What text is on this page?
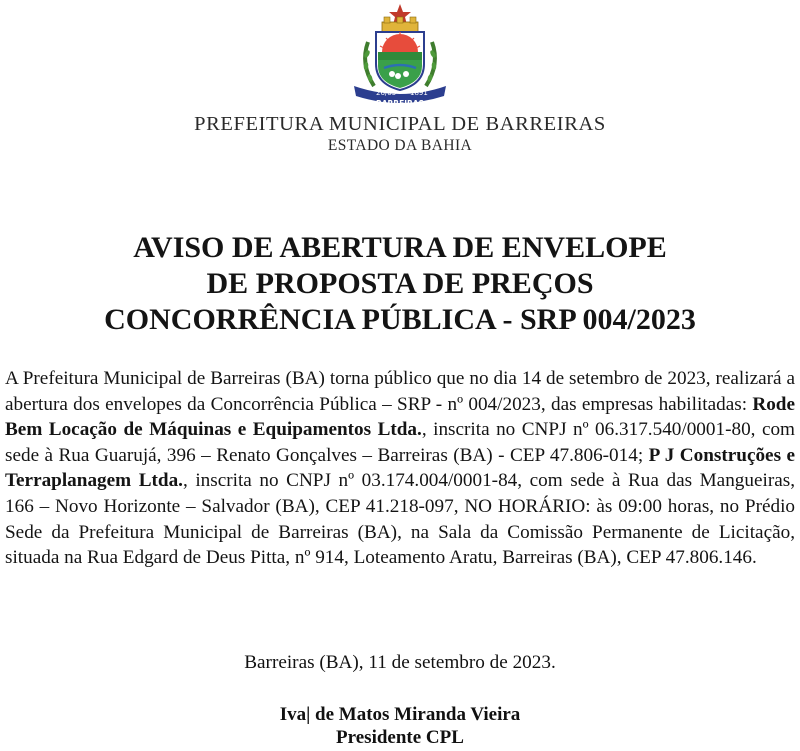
26/05 1891
BARREIRAS
PREFEITURA MUNICIPAL DE BARREIRAS
ESTADO DA BAHIA
AVISO DE ABERTURA DE ENVELOPE
DE PROPOSTA DE PREÇOS
CONCORRÊNCIA PÚBLICA - SRP 004/2023
A Prefeitura Municipal de Barreiras (BA) torna público que no dia 14 de setembro de 2023, realizará a abertura dos envelopes da Concorrência Pública – SRP - nº 004/2023, das empresas habilitadas: Rode Bem Locação de Máquinas e Equipamentos Ltda., inscrita no CNPJ nº 06.317.540/0001-80, com sede à Rua Guarujá, 396 – Renato Gonçalves – Barreiras (BA) - CEP 47.806-014; P J Construções e Terraplanagem Ltda., inscrita no CNPJ nº 03.174.004/0001-84, com sede à Rua das Mangueiras, 166 – Novo Horizonte – Salvador (BA), CEP 41.218-097, NO HORÁRIO: às 09:00 horas, no Prédio Sede da Prefeitura Municipal de Barreiras (BA), na Sala da Comissão Permanente de Licitação, situada na Rua Edgard de Deus Pitta, nº 914, Loteamento Aratu, Barreiras (BA), CEP 47.806.146.
Barreiras (BA), 11 de setembro de 2023.
Iva| de Matos Miranda Vieira
Presidente CPL
